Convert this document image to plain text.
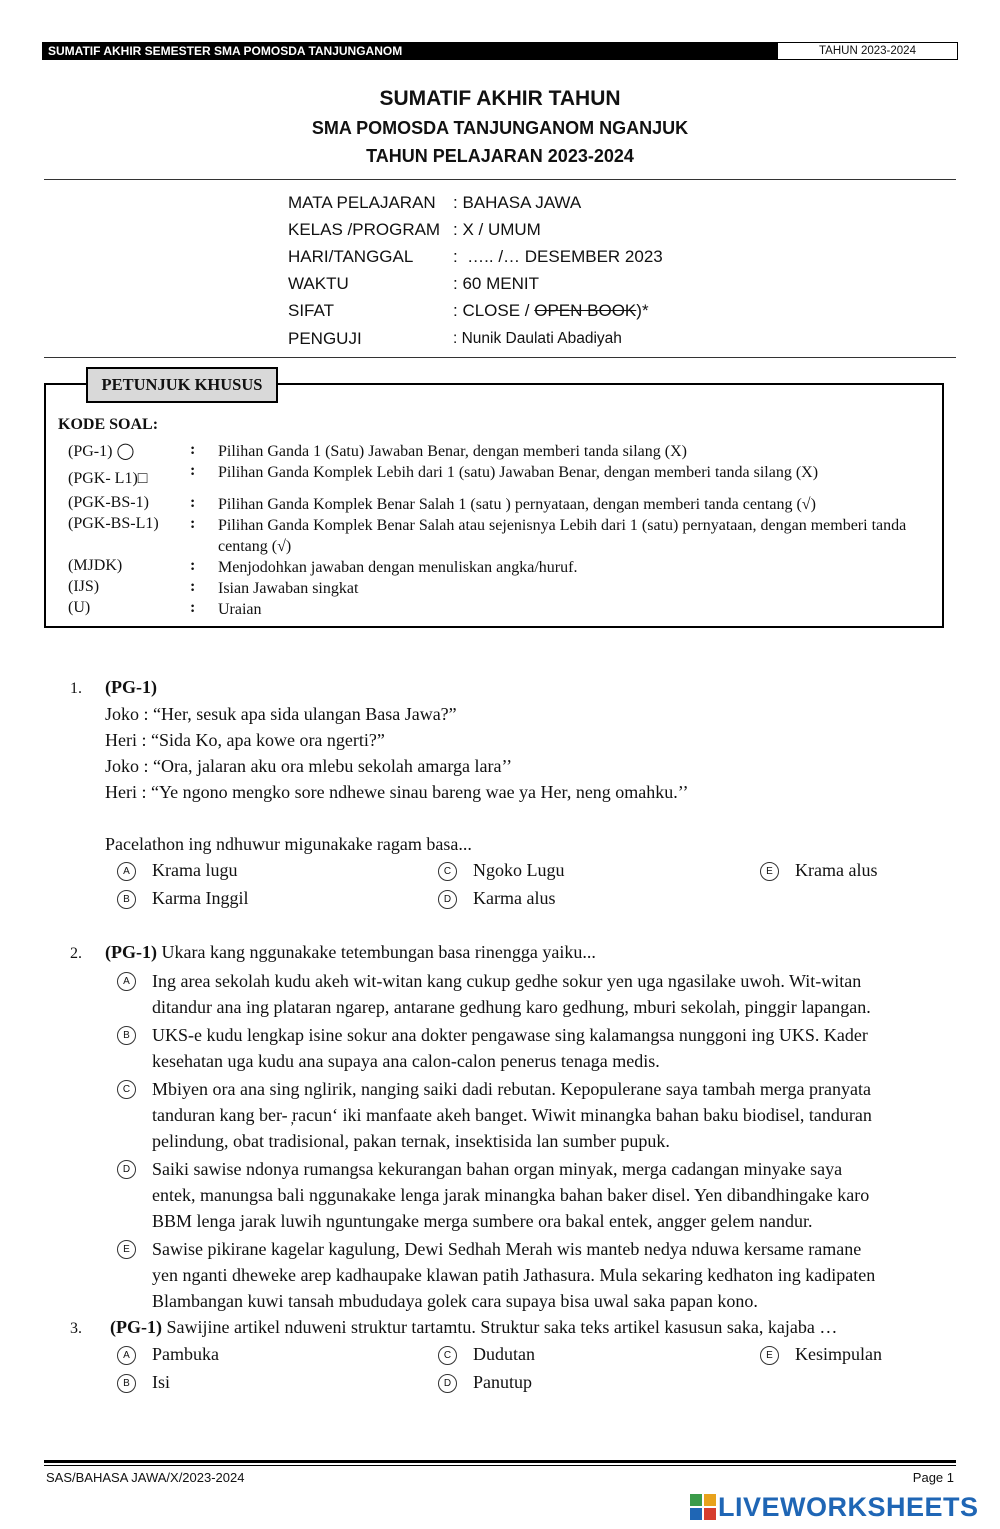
SUMATIF AKHIR SEMESTER SMA POMOSDA TANJUNGANOM	TAHUN 2023-2024
SUMATIF AKHIR TAHUN
SMA POMOSDA TANJUNGANOM NGANJUK
TAHUN PELAJARAN 2023-2024
MATA PELAJARAN	: BAHASA JAWA
KELAS /PROGRAM : X / UMUM
HARI/TANGGAL	:  ….. /… DESEMBER 2023
WAKTU	: 60 MENIT
SIFAT	: CLOSE / OPEN BOOK)*
PENGUJI	: Nunik Daulati Abadiyah
PETUNJUK KHUSUS
KODE SOAL:
(PG-1) ◯	:	Pilihan Ganda 1 (Satu) Jawaban Benar, dengan memberi tanda silang (X)
(PGK- L1)□	:	Pilihan Ganda Komplek Lebih dari 1 (satu) Jawaban Benar, dengan memberi tanda silang (X)
(PGK-BS-1)	:	Pilihan Ganda Komplek Benar Salah 1 (satu ) pernyataan, dengan memberi tanda centang (√)
(PGK-BS-L1)	:	Pilihan Ganda Komplek Benar Salah atau sejenisnya Lebih dari 1 (satu) pernyataan, dengan memberi tanda centang (√)
(MJDK)	:	Menjodohkan jawaban dengan menuliskan angka/huruf.
(IJS)	:	Isian Jawaban singkat
(U)	:	Uraian
1. (PG-1)
Joko : “Her, sesuk apa sida ulangan Basa Jawa?”
Heri : “Sida Ko, apa kowe ora ngerti?”
Joko : “Ora, jalaran aku ora mlebu sekolah amarga lara’’
Heri : “Ye ngono mengko sore ndhewe sinau bareng wae ya Her, neng omahku.’’
Pacelathon ing ndhuwur migunakake ragam basa...
A	Krama lugu
B	Karma Inggil
C	Ngoko Lugu
D	Karma alus
E	Krama alus
2. (PG-1) Ukara kang nggunakake tetembungan basa rinengga yaiku...
A	Ing area sekolah kudu akeh wit-witan kang cukup gedhe sokur yen uga ngasilake uwoh. Wit-witan
ditandur ana ing plataran ngarep, antarane gedhung karo gedhung, mburi sekolah, pinggir lapangan.
B	UKS-e kudu lengkap isine sokur ana dokter pengawase sing kalamangsa nunggoni ing UKS. Kader
kesehatan uga kudu ana supaya ana calon-calon penerus tenaga medis.
C	Mbiyen ora ana sing nglirik, nanging saiki dadi rebutan. Kepopulerane saya tambah merga pranyata
tanduran kang ber- ̦racun‘ iki manfaate akeh banget. Wiwit minangka bahan baku biodisel, tanduran
pelindung, obat tradisional, pakan ternak, insektisida lan sumber pupuk.
D	Saiki sawise ndonya rumangsa kekurangan bahan organ minyak, merga cadangan minyake saya
entek, manungsa bali nggunakake lenga jarak minangka bahan baker disel. Yen dibandhingake karo
BBM lenga jarak luwih nguntungake merga sumbere ora bakal entek, angger gelem nandur.
E	Sawise pikirane kagelar kagulung, Dewi Sedhah Merah wis manteb nedya nduwa kersame ramane
yen nganti dheweke arep kadhaupake klawan patih Jathasura. Mula sekaring kedhaton ing kadipaten
Blambangan kuwi tansah mbududaya golek cara supaya bisa uwal saka papan kono.
3. (PG-1) Sawijine artikel nduweni struktur tartamtu. Struktur saka teks artikel kasusun saka, kajaba …
A	Pambuka
B	Isi
C	Dudutan
D	Panutup
E	Kesimpulan
SAS/BAHASA JAWA/X/2023-2024	Page 1
LIVEWORKSHEETS
